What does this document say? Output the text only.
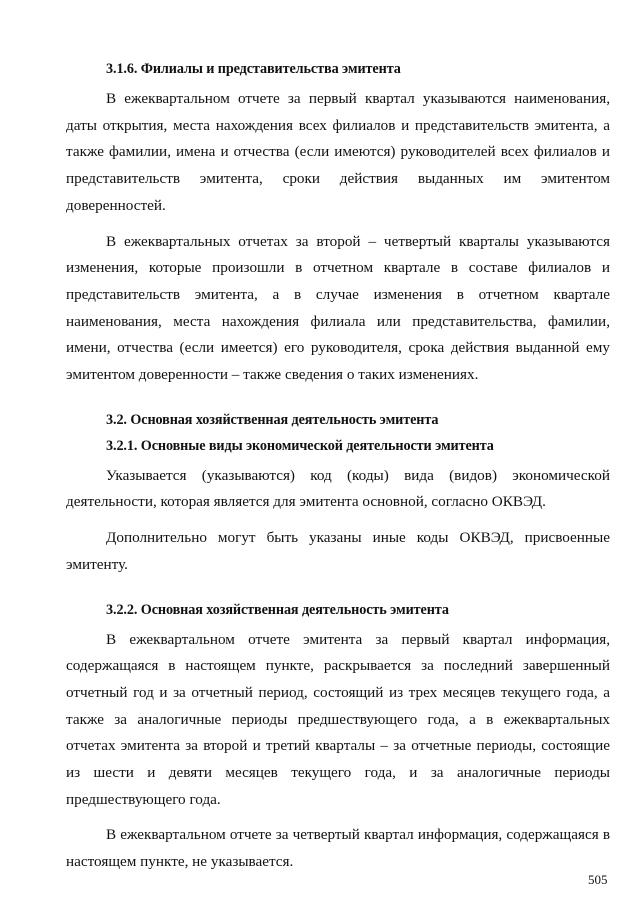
3.1.6. Филиалы и представительства эмитента

В ежеквартальном отчете за первый квартал указываются наименования, даты открытия, места нахождения всех филиалов и представительств эмитента, а также фамилии, имена и отчества (если имеются) руководителей всех филиалов и представительств эмитента, сроки действия выданных им эмитентом доверенностей.

В ежеквартальных отчетах за второй – четвертый кварталы указываются изменения, которые произошли в отчетном квартале в составе филиалов и представительств эмитента, а в случае изменения в отчетном квартале наименования, места нахождения филиала или представительства, фамилии, имени, отчества (если имеется) его руководителя, срока действия выданной ему эмитентом доверенности – также сведения о таких изменениях.

3.2. Основная хозяйственная деятельность эмитента
3.2.1. Основные виды экономической деятельности эмитента

Указывается (указываются) код (коды) вида (видов) экономической деятельности, которая является для эмитента основной, согласно ОКВЭД.

Дополнительно могут быть указаны иные коды ОКВЭД, присвоенные эмитенту.

3.2.2. Основная хозяйственная деятельность эмитента

В ежеквартальном отчете эмитента за первый квартал информация, содержащаяся в настоящем пункте, раскрывается за последний завершенный отчетный год и за отчетный период, состоящий из трех месяцев текущего года, а также за аналогичные периоды предшествующего года, а в ежеквартальных отчетах эмитента за второй и третий кварталы – за отчетные периоды, состоящие из шести и девяти месяцев текущего года, и за аналогичные периоды предшествующего года.

В ежеквартальном отчете за четвертый квартал информация, содержащаяся в настоящем пункте, не указывается.

505
